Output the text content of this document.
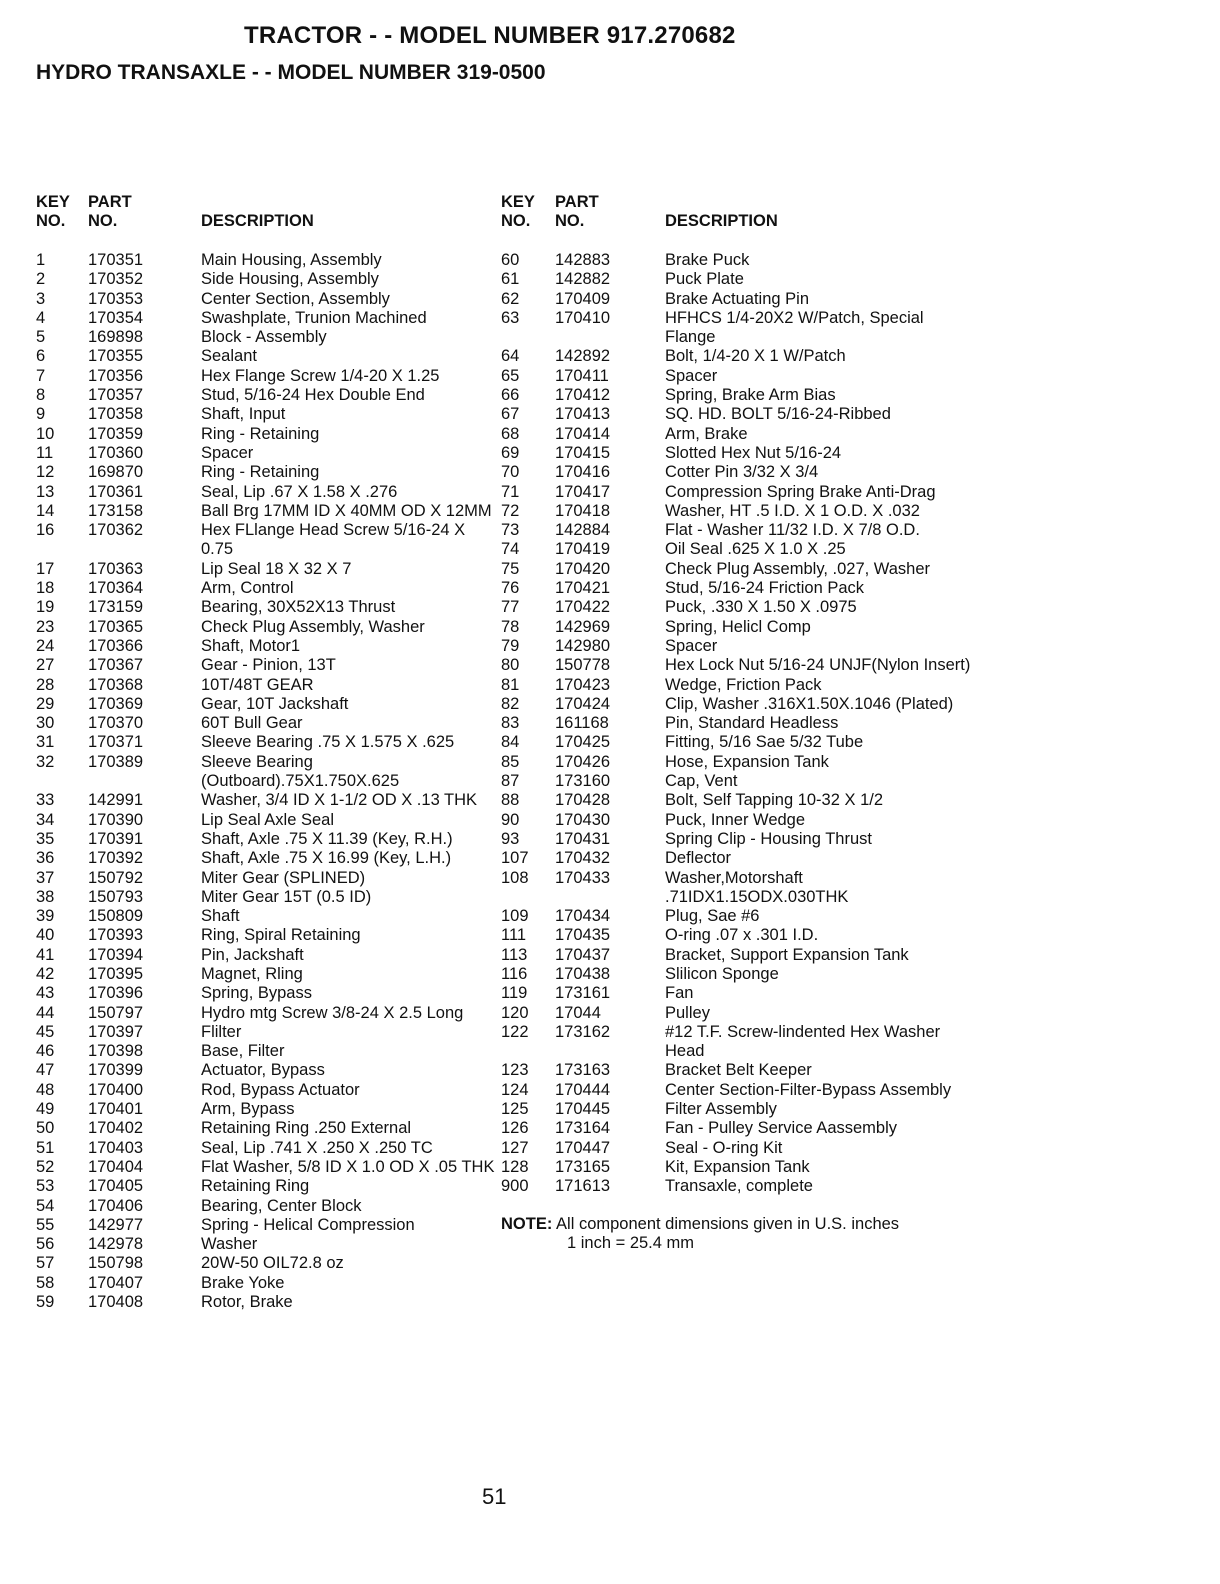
TRACTOR - - MODEL NUMBER 917.270682
HYDRO TRANSAXLE - - MODEL NUMBER 319-0500
KEY
NO.
PART
NO.	DESCRIPTION
1	170351	Main Housing, Assembly
2	170352	Side Housing, Assembly
3	170353	Center Section, Assembly
4	170354	Swashplate, Trunion Machined
5	169898	Block - Assembly
6	170355	Sealant
7	170356	Hex Flange Screw 1/4-20 X 1.25
8	170357	Stud, 5/16-24 Hex Double End
9	170358	Shaft, Input
10	170359	Ring - Retaining
11	170360	Spacer
12	169870	Ring - Retaining
13	170361	Seal, Lip .67 X 1.58 X .276
14	173158	Ball Brg 17MM ID X 40MM OD X 12MM
16	170362	Hex FLlange Head Screw 5/16-24 X 0.75
17	170363	Lip Seal 18 X 32 X 7
18	170364	Arm, Control
19	173159	Bearing, 30X52X13 Thrust
23	170365	Check Plug Assembly, Washer
24	170366	Shaft, Motor1
27	170367	Gear - Pinion, 13T
28	170368	10T/48T GEAR
29	170369	Gear, 10T Jackshaft
30	170370	60T Bull Gear
31	170371	Sleeve Bearing .75 X 1.575 X .625
32	170389	Sleeve Bearing (Outboard).75X1.750X.625
33	142991	Washer, 3/4 ID X 1-1/2 OD X .13 THK
34	170390	Lip Seal Axle Seal
35	170391	Shaft, Axle .75 X 11.39 (Key, R.H.)
36	170392	Shaft, Axle .75 X 16.99 (Key, L.H.)
37	150792	Miter Gear (SPLINED)
38	150793	Miter Gear 15T (0.5 ID)
39	150809	Shaft
40	170393	Ring, Spiral Retaining
41	170394	Pin, Jackshaft
42	170395	Magnet, Rling
43	170396	Spring, Bypass
44	150797	Hydro mtg Screw 3/8-24 X 2.5 Long
45	170397	Flilter
46	170398	Base, Filter
47	170399	Actuator, Bypass
48	170400	Rod, Bypass Actuator
49	170401	Arm, Bypass
50	170402	Retaining Ring .250 External
51	170403	Seal, Lip .741 X .250 X .250 TC
52	170404	Flat Washer, 5/8 ID X 1.0 OD X .05 THK
53	170405	Retaining Ring
54	170406	Bearing, Center Block
55	142977	Spring - Helical Compression
56	142978	Washer
57	150798	20W-50 OIL72.8 oz
58	170407	Brake Yoke
59	170408	Rotor, Brake
KEY
NO.
PART
NO.	DESCRIPTION
60	142883	Brake Puck
61	142882	Puck Plate
62	170409	Brake Actuating Pin
63	170410	HFHCS 1/4-20X2 W/Patch, Special Flange
64	142892	Bolt, 1/4-20 X 1 W/Patch
65	170411	Spacer
66	170412	Spring, Brake Arm Bias
67	170413	SQ. HD. BOLT 5/16-24-Ribbed
68	170414	Arm, Brake
69	170415	Slotted Hex Nut 5/16-24
70	170416	Cotter Pin 3/32 X 3/4
71	170417	Compression Spring Brake Anti-Drag
72	170418	Washer, HT .5 I.D. X 1 O.D. X .032
73	142884	Flat - Washer 11/32 I.D. X 7/8 O.D.
74	170419	Oil Seal .625 X 1.0 X .25
75	170420	Check Plug Assembly, .027, Washer
76	170421	Stud, 5/16-24 Friction Pack
77	170422	Puck, .330 X 1.50 X .0975
78	142969	Spring, Helicl Comp
79	142980	Spacer
80	150778	Hex Lock Nut 5/16-24 UNJF(Nylon Insert)
81	170423	Wedge, Friction Pack
82	170424	Clip, Washer .316X1.50X.1046 (Plated)
83	161168	Pin, Standard Headless
84	170425	Fitting, 5/16 Sae 5/32 Tube
85	170426	Hose, Expansion Tank
87	173160	Cap, Vent
88	170428	Bolt, Self Tapping 10-32 X 1/2
90	170430	Puck, Inner Wedge
93	170431	Spring Clip - Housing Thrust
107	170432	Deflector
108	170433	Washer,Motorshaft .71IDX1.15ODX.030THK
109	170434	Plug, Sae #6
111	170435	O-ring .07 x .301 I.D.
113	170437	Bracket, Support Expansion Tank
116	170438	Slilicon Sponge
119	173161	Fan
120	17044	Pulley
122	173162	#12 T.F. Screw-lindented Hex Washer Head
123	173163	Bracket Belt Keeper
124	170444	Center Section-Filter-Bypass Assembly
125	170445	Filter Assembly
126	173164	Fan - Pulley Service Aassembly
127	170447	Seal - O-ring Kit
128	173165	Kit, Expansion Tank
900	171613	Transaxle, complete
NOTE: All component dimensions given in U.S. inches
1 inch = 25.4 mm
51
